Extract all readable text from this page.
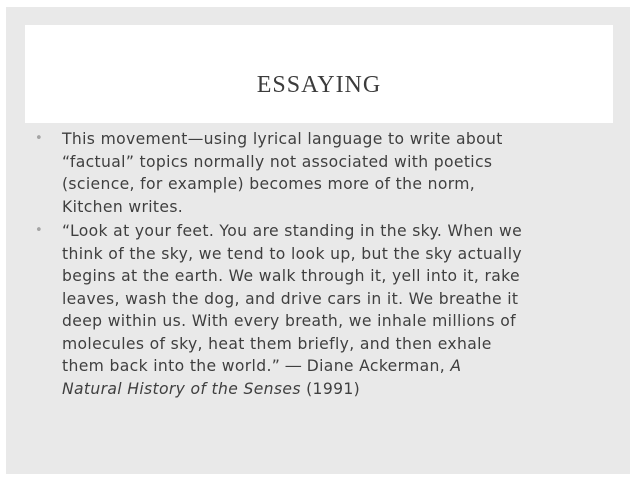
ESSAYING
• This movement—using lyrical language to write about
“factual” topics normally not associated with poetics
(science, for example) becomes more of the norm,
Kitchen writes.
• “Look at your feet. You are standing in the sky. When we
think of the sky, we tend to look up, but the sky actually
begins at the earth. We walk through it, yell into it, rake
leaves, wash the dog, and drive cars in it. We breathe it
deep within us. With every breath, we inhale millions of
molecules of sky, heat them briefly, and then exhale
them back into the world.” ― Diane Ackerman, A
Natural History of the Senses (1991)
